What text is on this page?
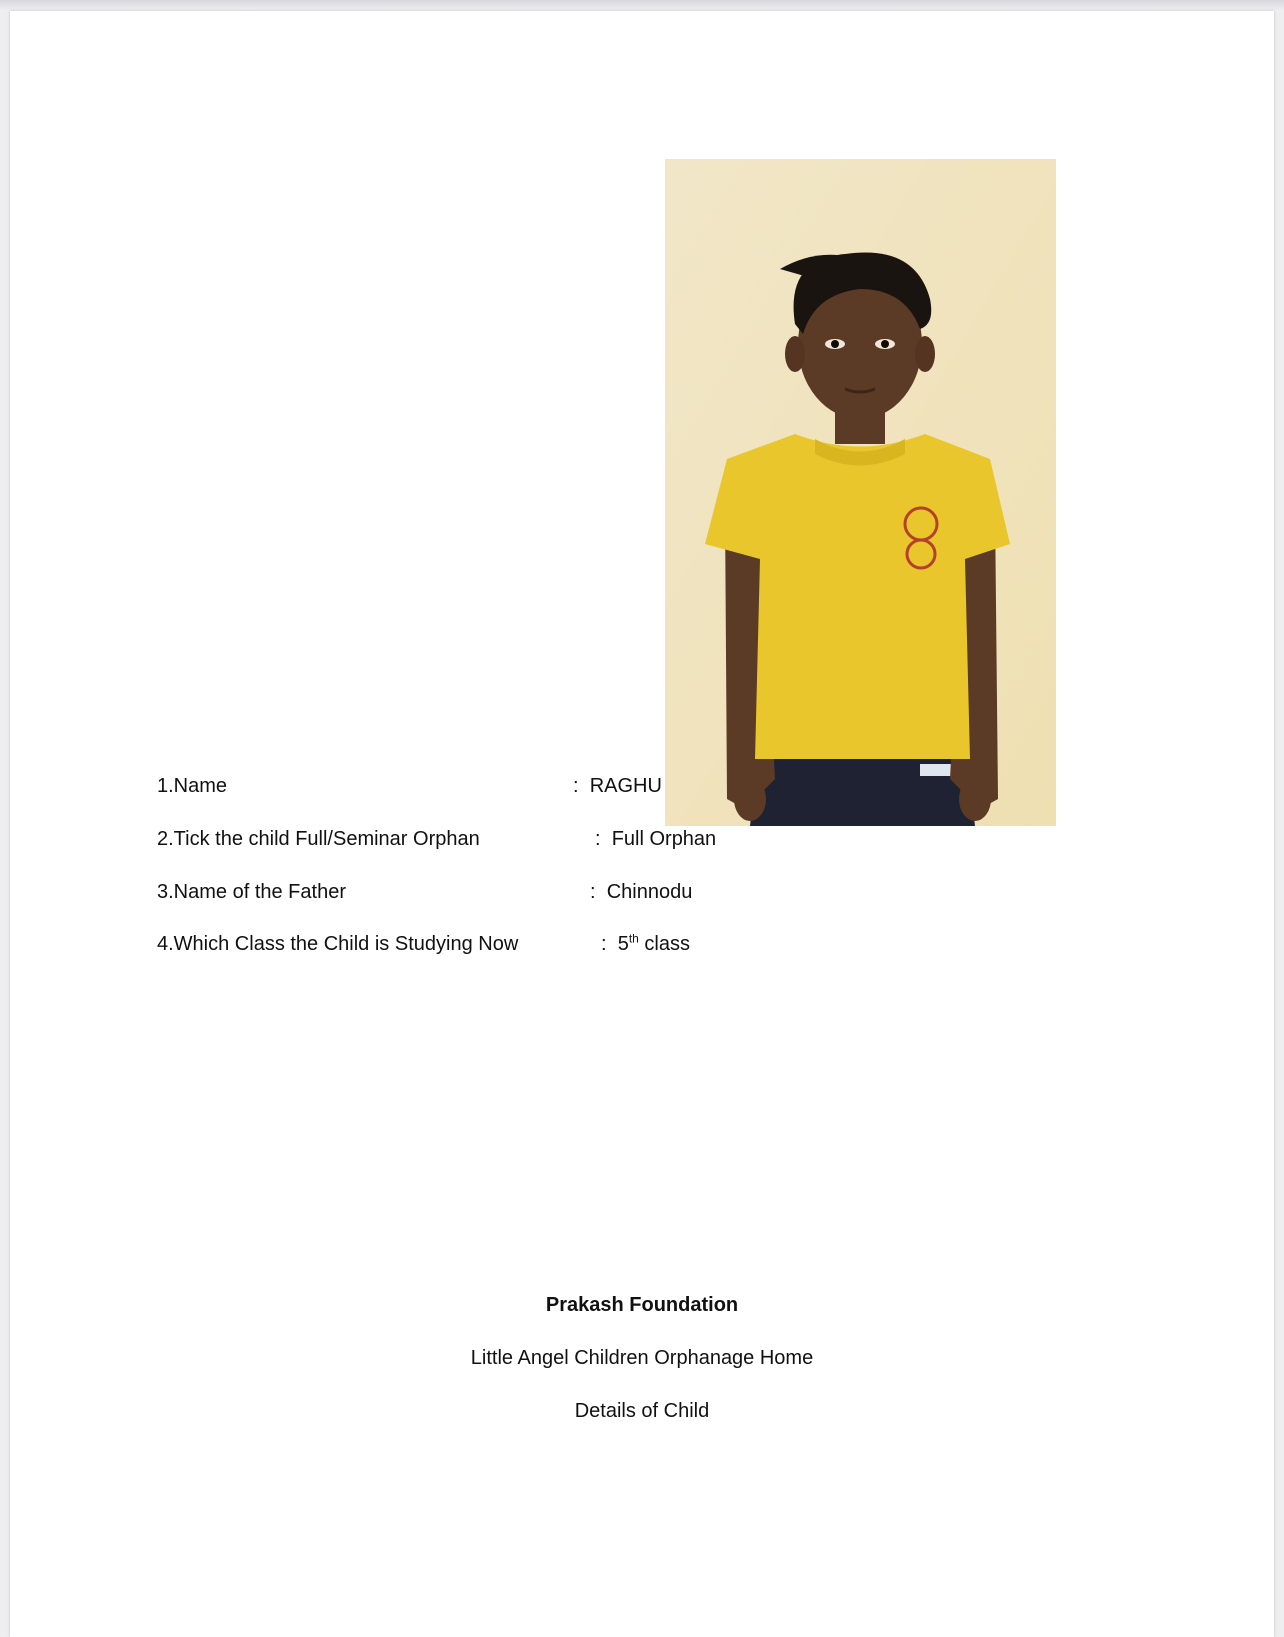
1.Name	: RAGHU
2.Tick the child Full/Seminar Orphan	: Full Orphan
3.Name of the Father	: Chinnodu
4.Which Class the Child is Studying Now	: 5th class
Prakash Foundation
Little Angel Children Orphanage Home
Details of Child
